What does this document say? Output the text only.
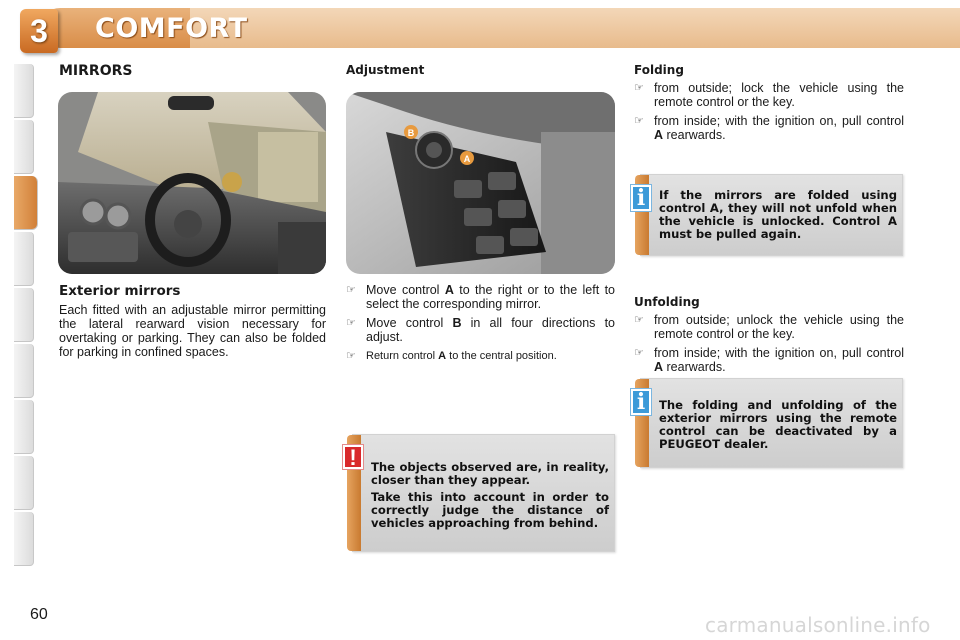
3	COMFORT
MIRRORS
Exterior mirrors
Each fitted with an adjustable mirror permitting the lateral rearward vision necessary for overtaking or parking. They can also be folded for parking in confined spaces.
Adjustment
B
A
☞ Move control A to the right or to the left to select the corresponding mirror.
☞ Move control B in all four directions to adjust.
☞ Return control A to the central position.
!	The objects observed are, in reality, closer than they appear.
Take this into account in order to correctly judge the distance of vehicles approaching from behind.
Folding
☞ from outside; lock the vehicle using the remote control or the key.
☞ from inside; with the ignition on, pull control A rearwards.
i	If the mirrors are folded using control A, they will not unfold when the vehicle is unlocked. Control A must be pulled again.
Unfolding
☞ from outside; unlock the vehicle using the remote control or the key.
☞ from inside; with the ignition on, pull control A rearwards.
i	The folding and unfolding of the exterior mirrors using the remote control can be deactivated by a PEUGEOT dealer.
60	carmanualsonline.info
